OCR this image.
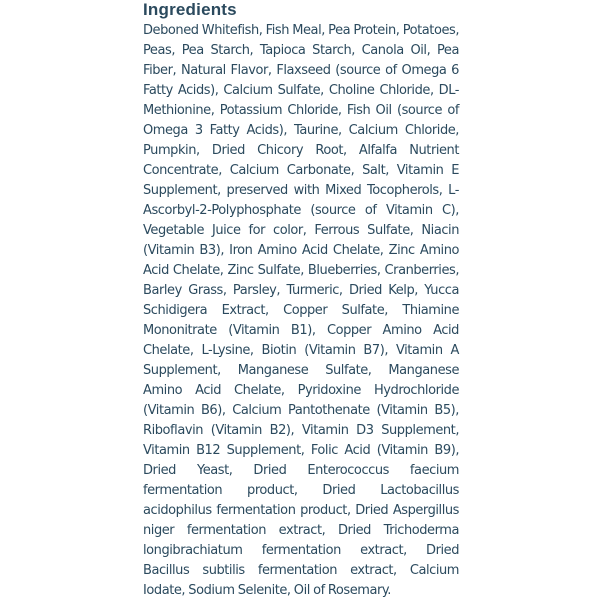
Ingredients

Deboned Whitefish, Fish Meal, Pea Protein, Potatoes, Peas, Pea Starch, Tapioca Starch, Canola Oil, Pea Fiber, Natural Flavor, Flaxseed (source of Omega 6 Fatty Acids), Calcium Sulfate, Choline Chloride, DL-Methionine, Potassium Chloride, Fish Oil (source of Omega 3 Fatty Acids), Taurine, Calcium Chloride, Pumpkin, Dried Chicory Root, Alfalfa Nutrient Concentrate, Calcium Carbonate, Salt, Vitamin E Supplement, preserved with Mixed Tocopherols, L-Ascorbyl-2-Polyphosphate (source of Vitamin C), Vegetable Juice for color, Ferrous Sulfate, Niacin (Vitamin B3), Iron Amino Acid Chelate, Zinc Amino Acid Chelate, Zinc Sulfate, Blueberries, Cranberries, Barley Grass, Parsley, Turmeric, Dried Kelp, Yucca Schidigera Extract, Copper Sulfate, Thiamine Mononitrate (Vitamin B1), Copper Amino Acid Chelate, L-Lysine, Biotin (Vitamin B7), Vitamin A Supplement, Manganese Sulfate, Manganese Amino Acid Chelate, Pyridoxine Hydrochloride (Vitamin B6), Calcium Pantothenate (Vitamin B5), Riboflavin (Vitamin B2), Vitamin D3 Supplement, Vitamin B12 Supplement, Folic Acid (Vitamin B9), Dried Yeast, Dried Enterococcus faecium fermentation product, Dried Lactobacillus acidophilus fermentation product, Dried Aspergillus niger fermentation extract, Dried Trichoderma longibrachiatum fermentation extract, Dried Bacillus subtilis fermentation extract, Calcium Iodate, Sodium Selenite, Oil of Rosemary.
